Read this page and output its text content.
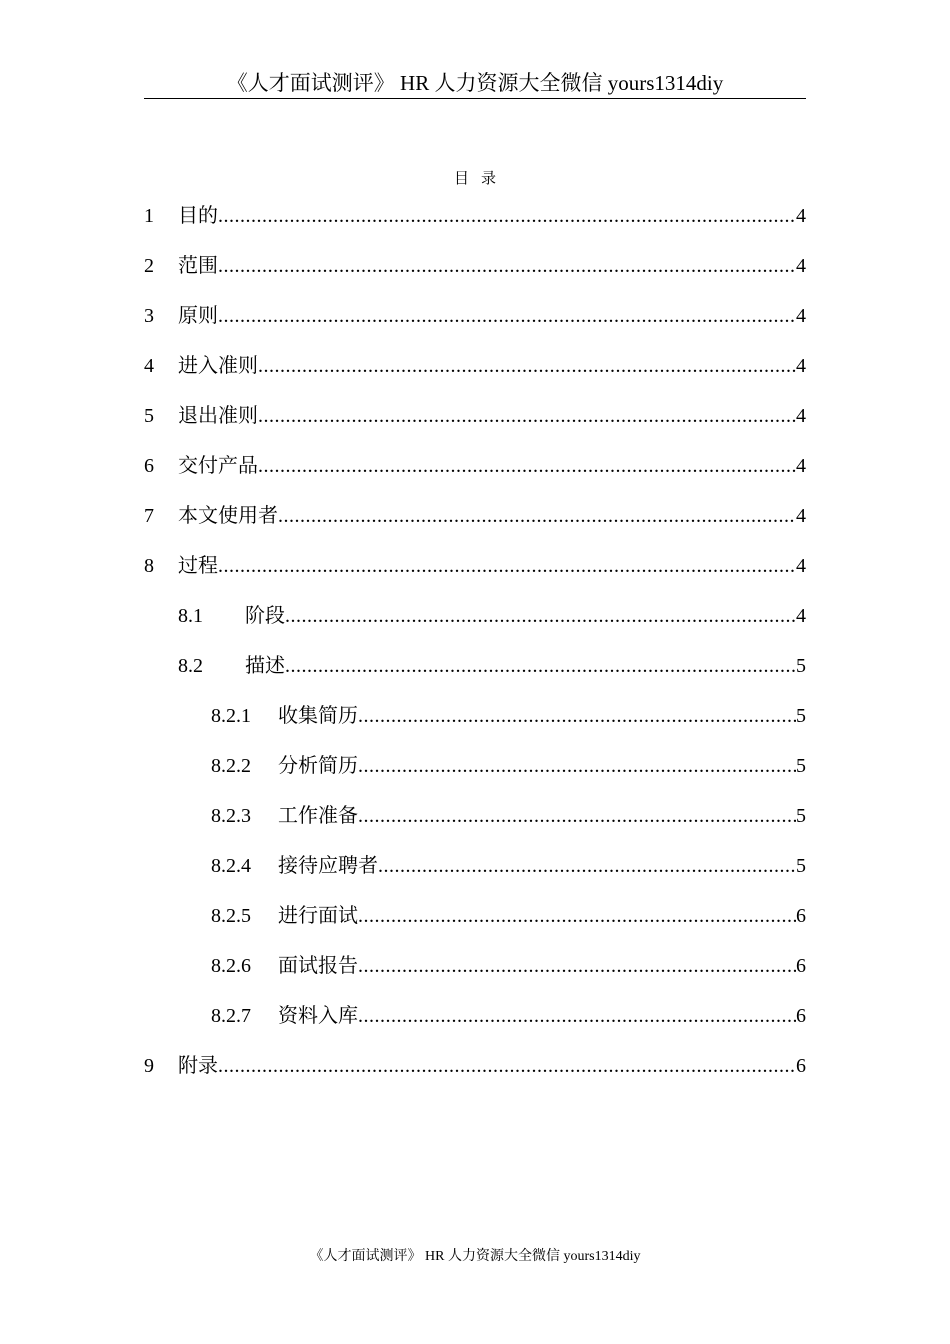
《人才面试测评》 HR 人力资源大全微信 yours1314diy
目录
1	目的 .....	4
2	范围 .....	4
3	原则 .....	4
4	进入准则 .....	4
5	退出准则 .....	4
6	交付产品 .....	4
7	本文使用者 .....	4
8	过程 .....	4
8.1	阶段 .....	4
8.2	描述 .....	5
8.2.1	收集简历 .....	5
8.2.2	分析简历 .....	5
8.2.3	工作准备 .....	5
8.2.4	接待应聘者 .....	5
8.2.5	进行面试 .....	6
8.2.6	面试报告 .....	6
8.2.7	资料入库 .....	6
9	附录 .....	6
《人才面试测评》 HR 人力资源大全微信 yours1314diy
